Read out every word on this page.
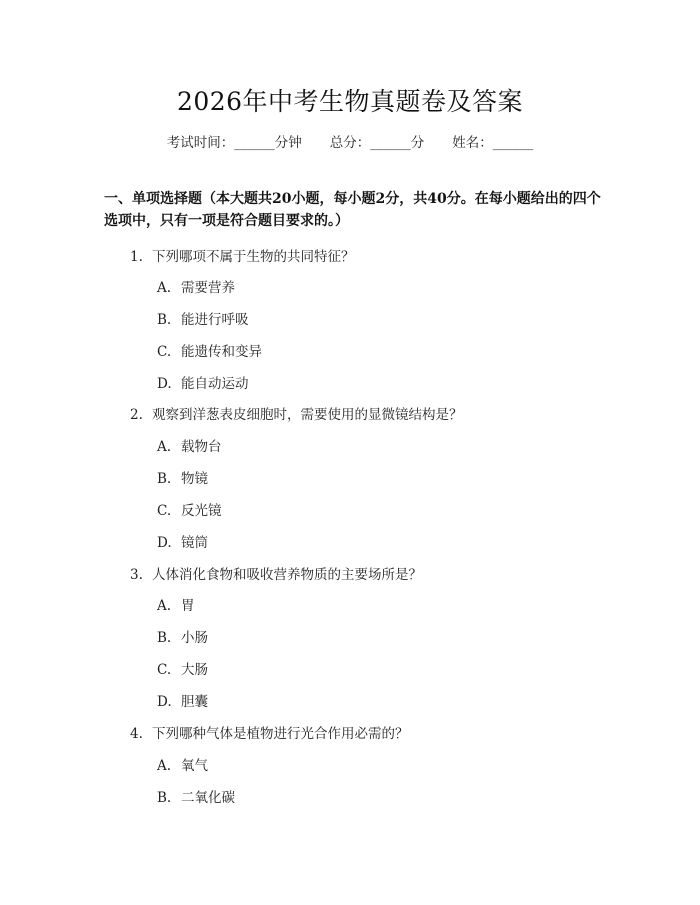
2026年中考生物真题卷及答案
考试时间：______分钟 总分：______分 姓名：______
一、单项选择题（本大题共20小题，每小题2分，共40分。在每小题给出的四个选项中，只有一项是符合题目要求的。）
1. 下列哪项不属于生物的共同特征？
A. 需要营养
B. 能进行呼吸
C. 能遗传和变异
D. 能自动运动
2. 观察到洋葱表皮细胞时，需要使用的显微镜结构是？
A. 载物台
B. 物镜
C. 反光镜
D. 镜筒
3. 人体消化食物和吸收营养物质的主要场所是？
A. 胃
B. 小肠
C. 大肠
D. 胆囊
4. 下列哪种气体是植物进行光合作用必需的？
A. 氧气
B. 二氧化碳
